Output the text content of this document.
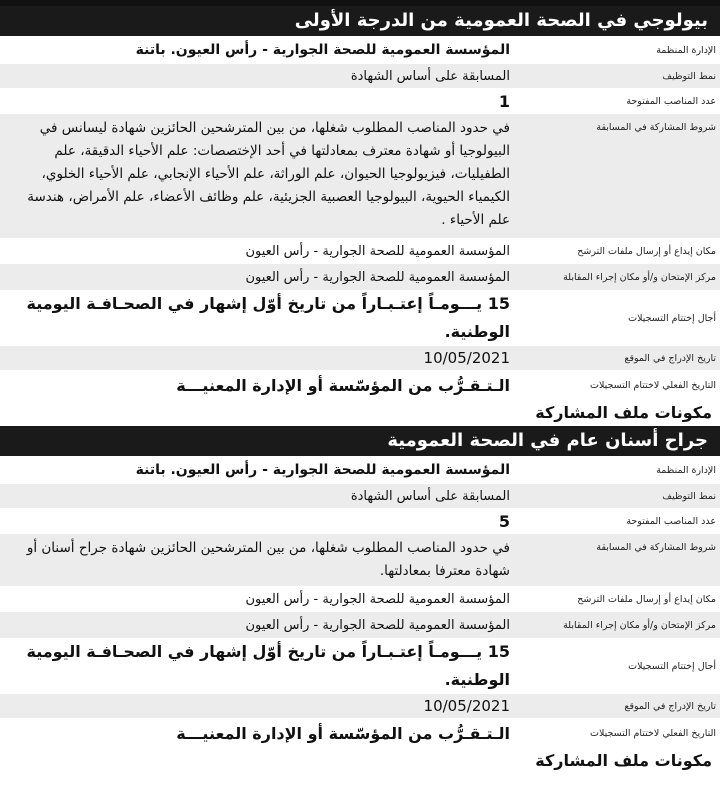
بيولوجي في الصحة العمومية من الدرجة الأولى
الإدارة المنظمة
المؤسسة العمومية للصحة الجوارية - رأس العيون. باتنة
نمط التوظيف
المسابقة على أساس الشهادة
عدد المناصب المفتوحة
1
شروط المشاركة في المسابقة
في حدود المناصب المطلوب شغلها، من بين المترشحين الحائزين شهادة ليسانس في البيولوجيا أو شهادة معترف بمعادلتها في أحد الإختصصات: علم الأحياء الدقيقة، علم الطفيليات، فيزيولوجيا الحيوان، علم الوراثة، علم الأحياء الإنجابي، علم الأحياء الخلوي، الكيمياء الحيوية، البيولوجيا العصبية الجزيئية، علم وظائف الأعضاء، علم الأمراض، هندسة علم الأحياء .
مكان إيداع أو إرسال ملفات الترشح
المؤسسة العمومية للصحة الجوارية - رأس العيون
مركز الإمتحان و/أو مكان إجراء المقابلة
المؤسسة العمومية للصحة الجوارية - رأس العيون
أجال إختتام التسجيلات
15 يـــومـاً إعتـبـاراً من تاريخ أوّل إشهار في الصحـافـة اليومية الوطنية.
تاريخ الإدراج في الموقع
10/05/2021
التاريخ الفعلي لاختتام التسجيلات
الـتـقـرُّب من المؤسّسة أو الإدارة المعنيـــة
مكونات ملف المشاركة
جراح أسنان عام في الصحة العمومية
الإدارة المنظمة
المؤسسة العمومية للصحة الجوارية - رأس العيون. باتنة
نمط التوظيف
المسابقة على أساس الشهادة
عدد المناصب المفتوحة
5
شروط المشاركة في المسابقة
في حدود المناصب المطلوب شغلها، من بين المترشحين الحائزين شهادة جراح أسنان أو شهادة معترفا بمعادلتها.
مكان إيداع أو إرسال ملفات الترشح
المؤسسة العمومية للصحة الجوارية - رأس العيون
مركز الإمتحان و/أو مكان إجراء المقابلة
المؤسسة العمومية للصحة الجوارية - رأس العيون
أجال إختتام التسجيلات
15 يـــومـاً إعتـبـاراً من تاريخ أوّل إشهار في الصحـافـة اليومية الوطنية.
تاريخ الإدراج في الموقع
10/05/2021
التاريخ الفعلي لاختتام التسجيلات
الـتـقـرُّب من المؤسّسة أو الإدارة المعنيـــة
مكونات ملف المشاركة
